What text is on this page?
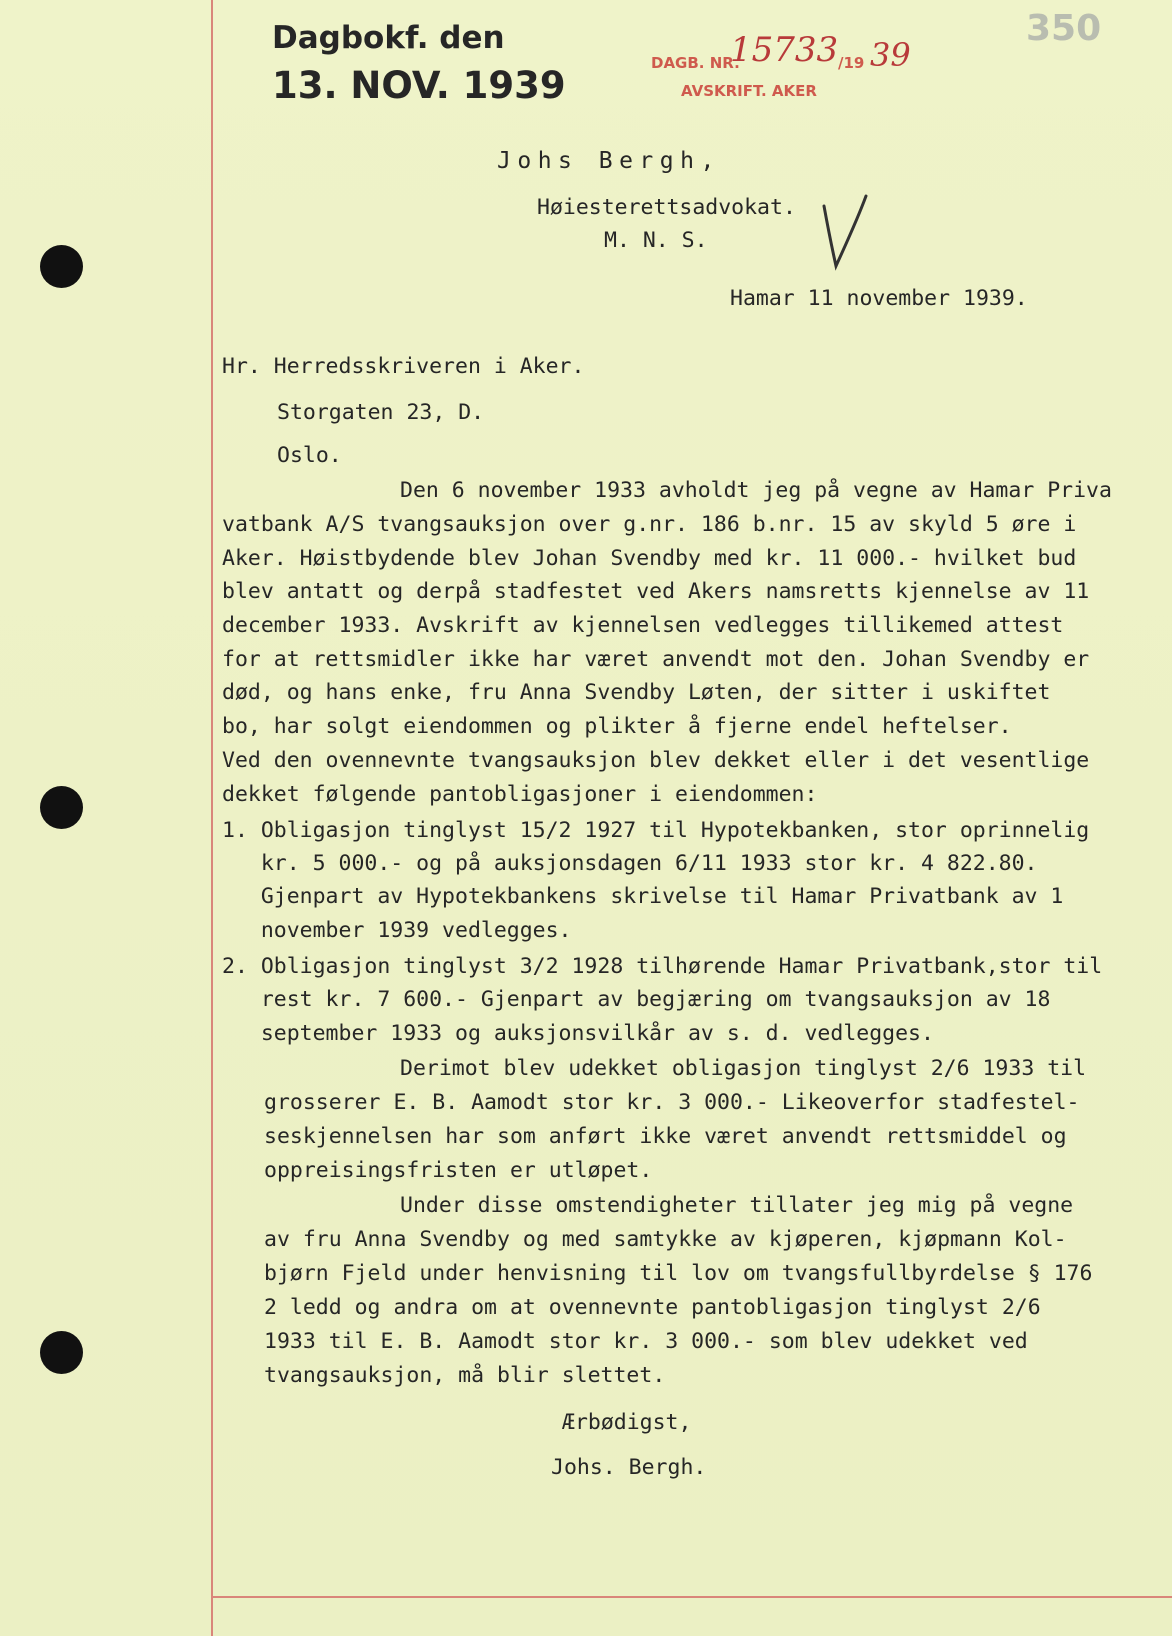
Dagbokf. den
13. NOV. 1939
DAGB. NR.
15733 /19 39
AVSKRIFT. AKER
350
Johs Bergh,
Høiesterettsadvokat.
M. N. S.
Hamar 11 november 1939.
Hr. Herredsskriveren i Aker.
Storgaten 23, D.
Oslo.
Den 6 november 1933 avholdt jeg på vegne av Hamar Priva
vatbank A/S tvangsauksjon over g.nr. 186 b.nr. 15 av skyld 5 øre i
Aker. Høistbydende blev Johan Svendby med kr. 11 000.- hvilket bud
blev antatt og derpå stadfestet ved Akers namsretts kjennelse av 11
december 1933. Avskrift av kjennelsen vedlegges tillikemed attest
for at rettsmidler ikke har været anvendt mot den. Johan Svendby er
død, og hans enke, fru Anna Svendby Løten, der sitter i uskiftet
bo, har solgt eiendommen og plikter å fjerne endel heftelser.
Ved den ovennevnte tvangsauksjon blev dekket eller i det vesentlige
dekket følgende pantobligasjoner i eiendommen:
1. Obligasjon tinglyst 15/2 1927 til Hypotekbanken, stor oprinnelig
kr. 5 000.- og på auksjonsdagen 6/11 1933 stor kr. 4 822.80.
Gjenpart av Hypotekbankens skrivelse til Hamar Privatbank av 1
november 1939 vedlegges.
2. Obligasjon tinglyst 3/2 1928 tilhørende Hamar Privatbank,stor til
rest kr. 7 600.- Gjenpart av begjæring om tvangsauksjon av 18
september 1933 og auksjonsvilkår av s. d. vedlegges.
Derimot blev udekket obligasjon tinglyst 2/6 1933 til
grosserer E. B. Aamodt stor kr. 3 000.- Likeoverfor stadfestel-
seskjennelsen har som anført ikke været anvendt rettsmiddel og
oppreisingsfristen er utløpet.
Under disse omstendigheter tillater jeg mig på vegne
av fru Anna Svendby og med samtykke av kjøperen, kjøpmann Kol-
bjørn Fjeld under henvisning til lov om tvangsfullbyrdelse § 176
2 ledd og andra om at ovennevnte pantobligasjon tinglyst 2/6
1933 til E. B. Aamodt stor kr. 3 000.- som blev udekket ved
tvangsauksjon, må blir slettet.
Ærbødigst,
Johs. Bergh.
